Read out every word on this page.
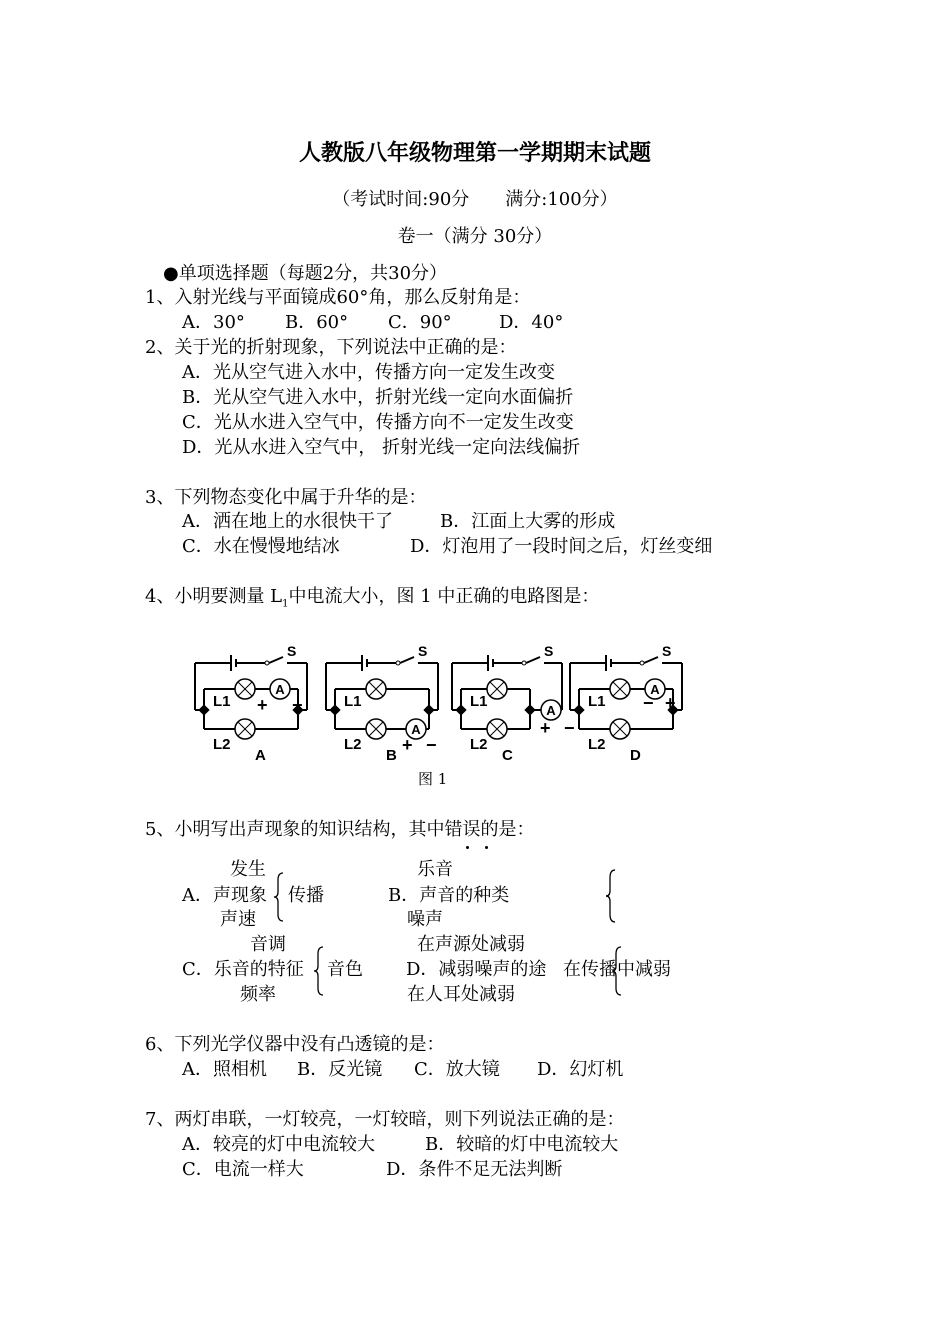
人教版八年级物理第一学期期末试题
（考试时间:90分　　满分:100分）
卷一（满分 30分）
●单项选择题（每题2分，共30分）
1、入射光线与平面镜成60°角，那么反射角是：
A．30° B．60° C．90°	D．40°
2、关于光的折射现象，下列说法中正确的是：
A．光从空气进入水中，传播方向一定发生改变
B．光从空气进入水中，折射光线一定向水面偏折
C．光从水进入空气中，传播方向不一定发生改变
D．光从水进入空气中， 折射光线一定向法线偏折
3、下列物态变化中属于升华的是：
A．洒在地上的水很快干了	B．江面上大雾的形成
C．水在慢慢地结冰	D．灯泡用了一段时间之后，灯丝变细
4、小明要测量 $L_1$中电流大小，图 1 中正确的电路图是：
S
A
L1
L2
A
+ −
S
A
L1
L2
B
+ −
S
A
L1
L2
C
+ −
S
A
L1
L2
D
+
−
图 1
5、小明写出声现象的知识结构，其中错误的是：
发生
A．声现象 传播
声速
乐音
B．声音的种类
噪声
音调
C．乐音的特征 音色
频率
在声源处减弱
D．减弱噪声的途 在传播中减弱
在人耳处减弱
6、下列光学仪器中没有凸透镜的是：
A．照相机 B．反光镜 C．放大镜 D．幻灯机
7、两灯串联，一灯较亮，一灯较暗，则下列说法正确的是：
A．较亮的灯中电流较大	B．较暗的灯中电流较大
C．电流一样大	D．条件不足无法判断
